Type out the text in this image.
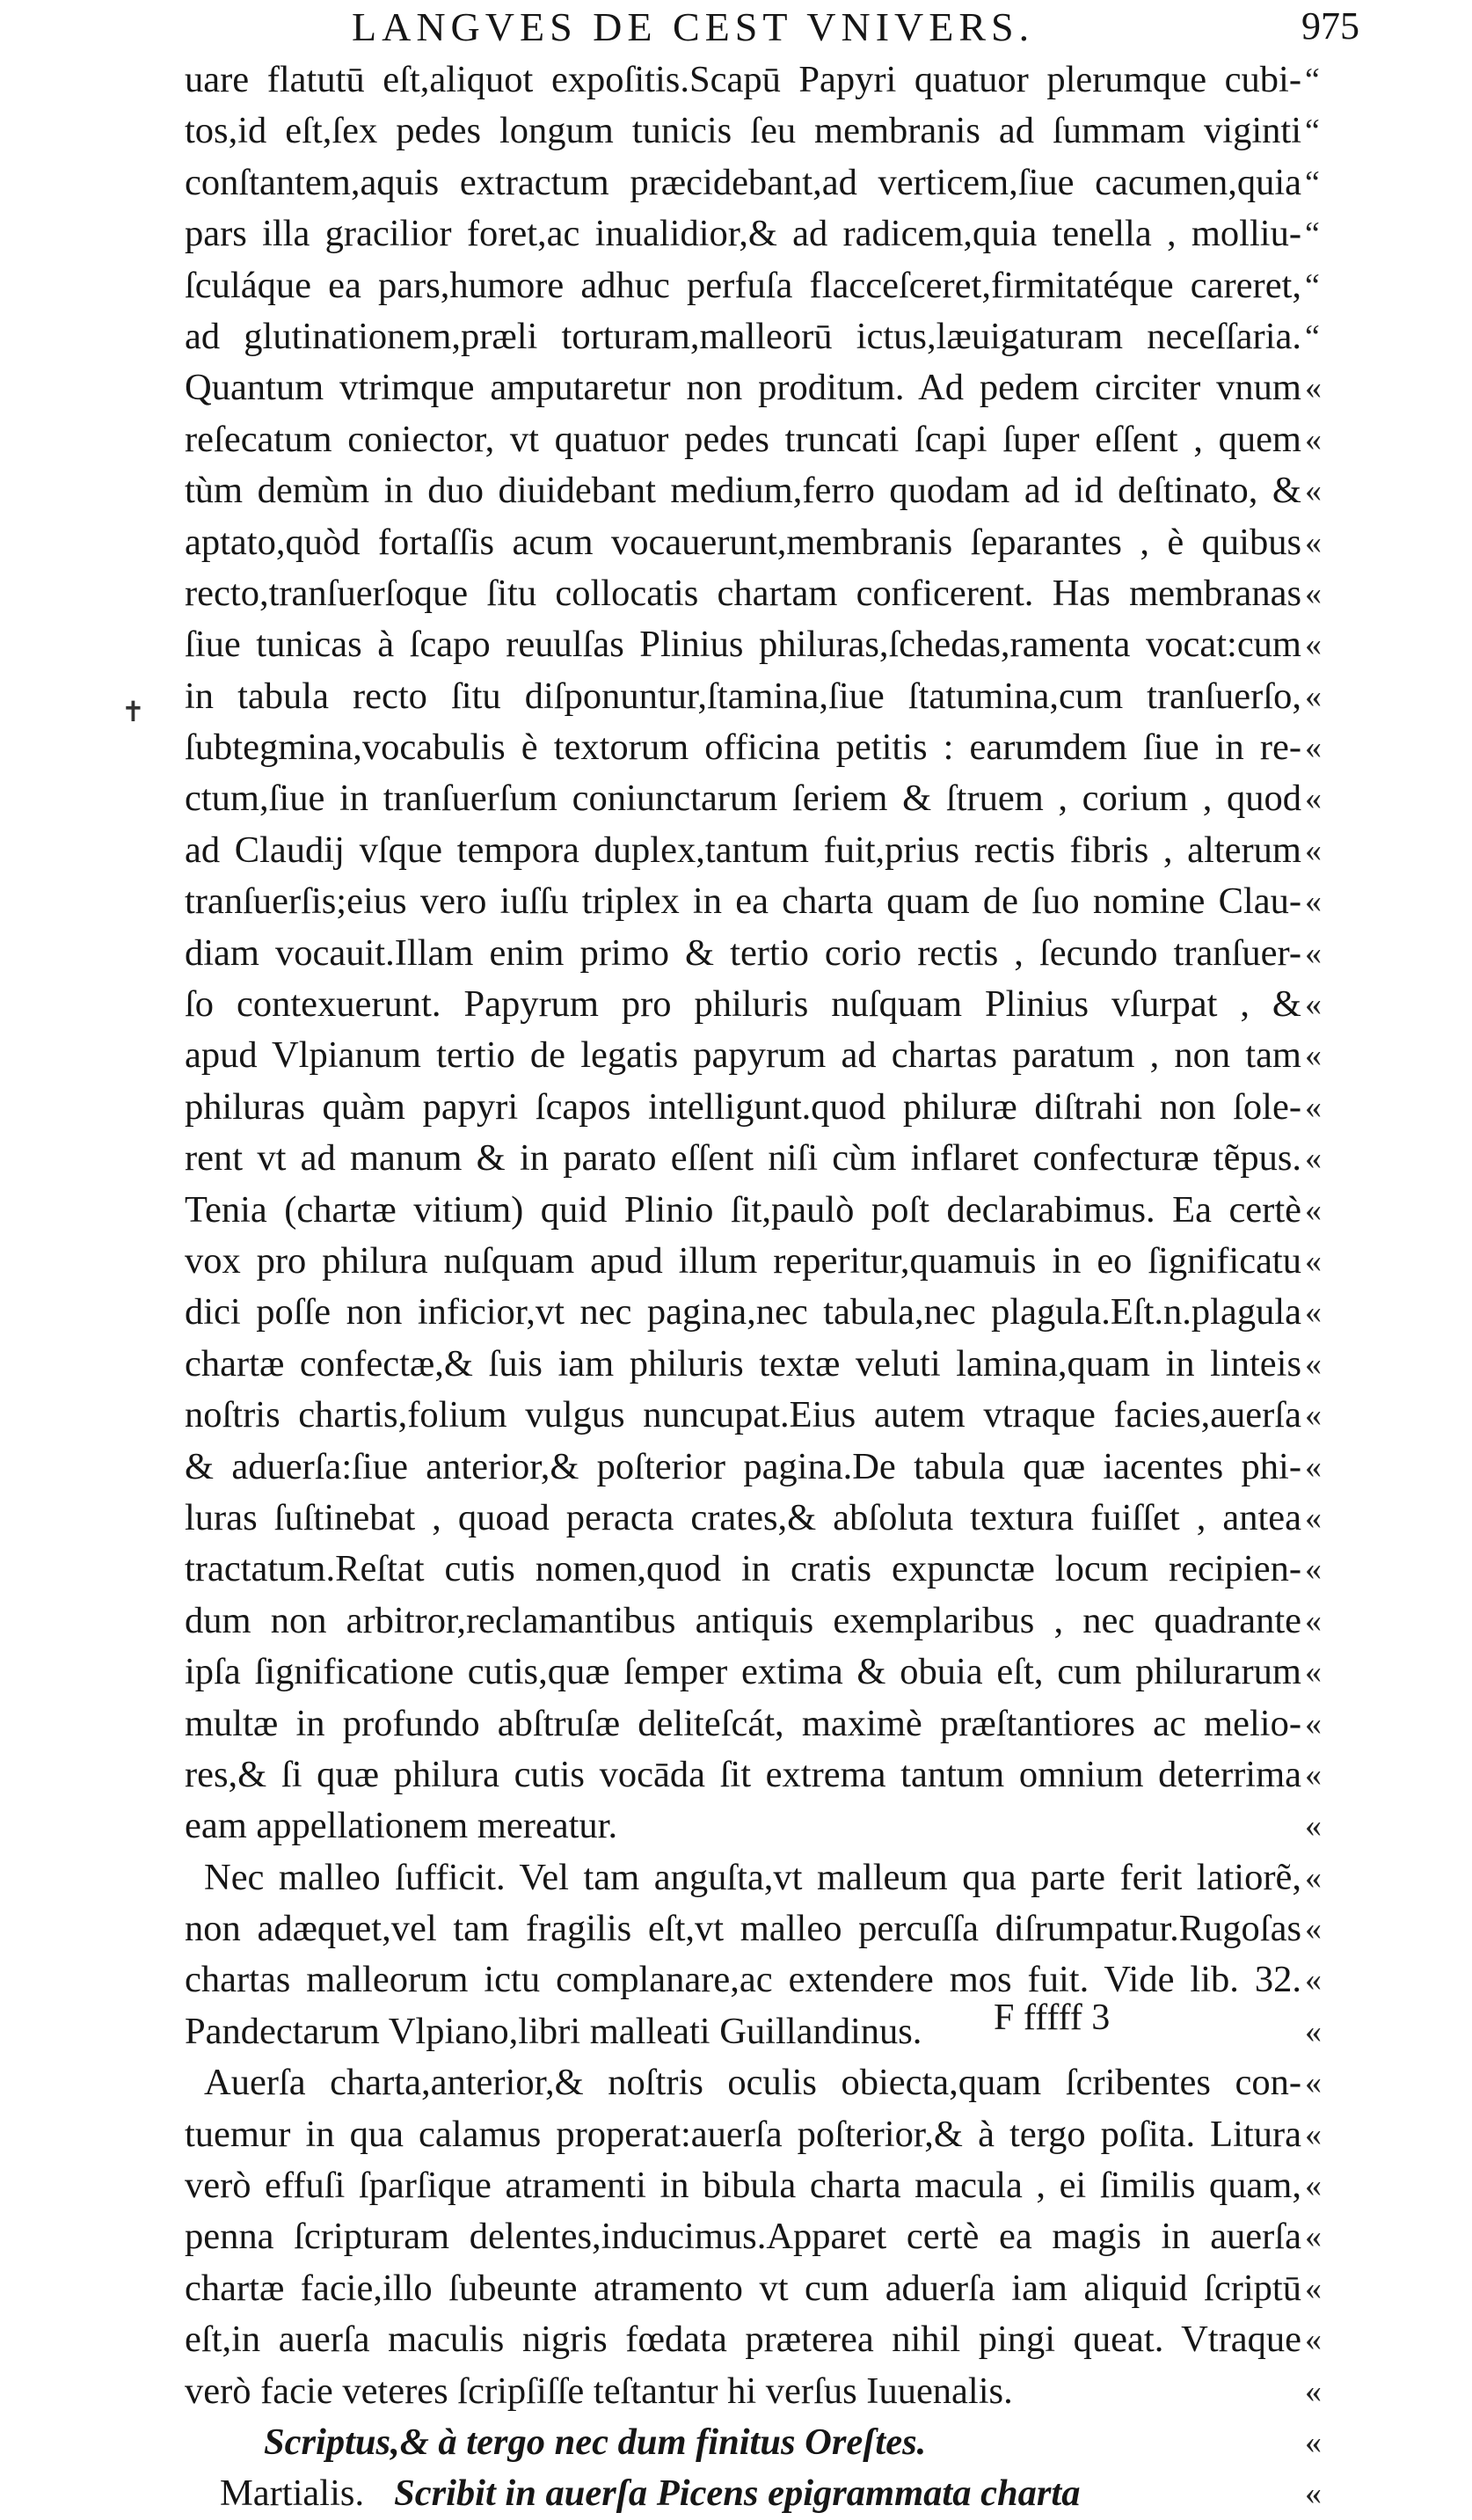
LANGVES DE CEST VNIVERS.	975
✝
uare flatutū eſt,aliquot expoſitis.Scapū Papyri quatuor plerumque cubi-
tos,id eſt,ſex pedes longum tunicis ſeu membranis ad ſummam viginti
conſtantem,aquis extractum præcidebant,ad verticem,ſiue cacumen,quia
pars illa gracilior foret,ac inualidior,& ad radicem,quia tenella , molliu-
ſculáque ea pars,humore adhuc perfuſa flacceſceret,firmitatéque careret,
ad glutinationem,præli torturam,malleorū ictus,læuigaturam neceſſaria.
Quantum vtrimque amputaretur non proditum. Ad pedem circiter vnum
reſecatum coniector, vt quatuor pedes truncati ſcapi ſuper eſſent , quem
tùm demùm in duo diuidebant medium,ferro quodam ad id deſtinato, &
aptato,quòd fortaſſis acum vocauerunt,membranis ſeparantes , è quibus
recto,tranſuerſoque ſitu collocatis chartam conficerent. Has membranas
ſiue tunicas à ſcapo reuulſas Plinius philuras,ſchedas,ramenta vocat:cum
in tabula recto ſitu diſponuntur,ſtamina,ſiue ſtatumina,cum tranſuerſo,
ſubtegmina,vocabulis è textorum officina petitis : earumdem ſiue in re-
ctum,ſiue in tranſuerſum coniunctarum ſeriem & ſtruem , corium , quod
ad Claudij vſque tempora duplex,tantum fuit,prius rectis fibris , alterum
tranſuerſis;eius vero iuſſu triplex in ea charta quam de ſuo nomine Clau-
diam vocauit.Illam enim primo & tertio corio rectis , ſecundo tranſuer-
ſo contexuerunt. Papyrum pro philuris nuſquam Plinius vſurpat , &
apud Vlpianum tertio de legatis papyrum ad chartas paratum , non tam
philuras quàm papyri ſcapos intelligunt.quod philuræ diſtrahi non ſole-
rent vt ad manum & in parato eſſent niſi cùm inflaret confecturæ tẽpus.
Tenia (chartæ vitium) quid Plinio ſit,paulò poſt declarabimus. Ea certè
vox pro philura nuſquam apud illum reperitur,quamuis in eo ſignificatu
dici poſſe non inficior,vt nec pagina,nec tabula,nec plagula.Eſt.n.plagula
chartæ confectæ,& ſuis iam philuris textæ veluti lamina,quam in linteis
noſtris chartis,folium vulgus nuncupat.Eius autem vtraque facies,auerſa
& aduerſa:ſiue anterior,& poſterior pagina.De tabula quæ iacentes phi-
luras ſuſtinebat , quoad peracta crates,& abſoluta textura fuiſſet , antea
tractatum.Reſtat cutis nomen,quod in cratis expunctæ locum recipien-
dum non arbitror,reclamantibus antiquis exemplaribus , nec quadrante
ipſa ſignificatione cutis,quæ ſemper extima & obuia eſt, cum philurarum
multæ in profundo abſtruſæ deliteſcát, maximè præſtantiores ac melio-
res,& ſi quæ philura cutis vocāda ſit extrema tantum omnium deterrima
eam appellationem mereatur.
Nec malleo ſufficit. Vel tam anguſta,vt malleum qua parte ferit latiorẽ,
non adæquet,vel tam fragilis eſt,vt malleo percuſſa diſrumpatur.Rugoſas
chartas malleorum ictu complanare,ac extendere mos fuit. Vide lib. 32.
Pandectarum Vlpiano,libri malleati Guillandinus.
Auerſa charta,anterior,& noſtris oculis obiecta,quam ſcribentes con-
tuemur in qua calamus properat:auerſa poſterior,& à tergo poſita. Litura
verò effuſi ſparſique atramenti in bibula charta macula , ei ſimilis quam,
penna ſcripturam delentes,inducimus.Apparet certè ea magis in auerſa
chartæ facie,illo ſubeunte atramento vt cum aduerſa iam aliquid ſcriptū
eſt,in auerſa maculis nigris fœdata præterea nihil pingi queat. Vtraque
verò facie veteres ſcripſiſſe teſtantur hi verſus Iuuenalis.
Scriptus,& à tergo nec dum finitus Oreſtes.
Martialis. Scribit in auerſa Picens epigrammata charta
“
“
“
“
“
“
«
«
«
«
«
«
«
«
«
«
«
«
«
«
«
«
«
«
«
«
«
«
«
«
«
«
«
«
«
«
«
«
«
«
«
«
«
«
«
«
«
«
F fffff 3
